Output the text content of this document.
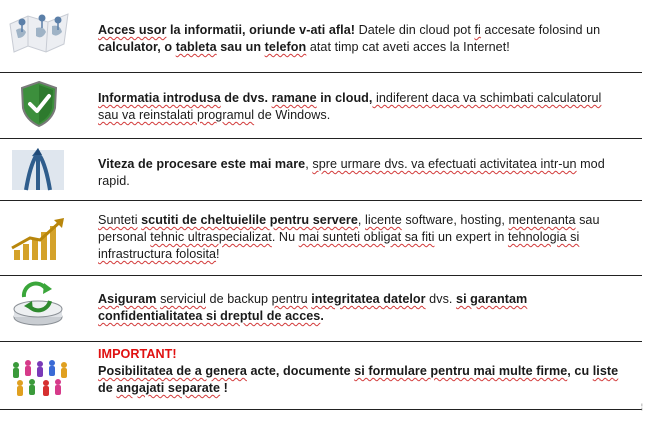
Acces usor la informatii, oriunde v-ati afla! Datele din cloud pot fi accesate folosind un
calculator, o tableta sau un telefon atat timp cat aveti acces la Internet!
Informatia introdusa de dvs. ramane in cloud, indiferent daca va schimbati calculatorul
sau va reinstalati programul de Windows.
Viteza de procesare este mai mare, spre urmare dvs. va efectuati activitatea intr-un mod
rapid.
Sunteti scutiti de cheltuielile pentru servere, licente software, hosting, mentenanta sau
personal tehnic ultraspecializat. Nu mai sunteti obligat sa fiti un expert in tehnologia si
infrastructura folosita!
Asiguram serviciul de backup pentru integritatea datelor dvs. si garantam
confidentialitatea si dreptul de acces.
IMPORTANT!
Posibilitatea de a genera acte, documente si formulare pentru mai multe firme, cu liste
de angajati separate !
¦
